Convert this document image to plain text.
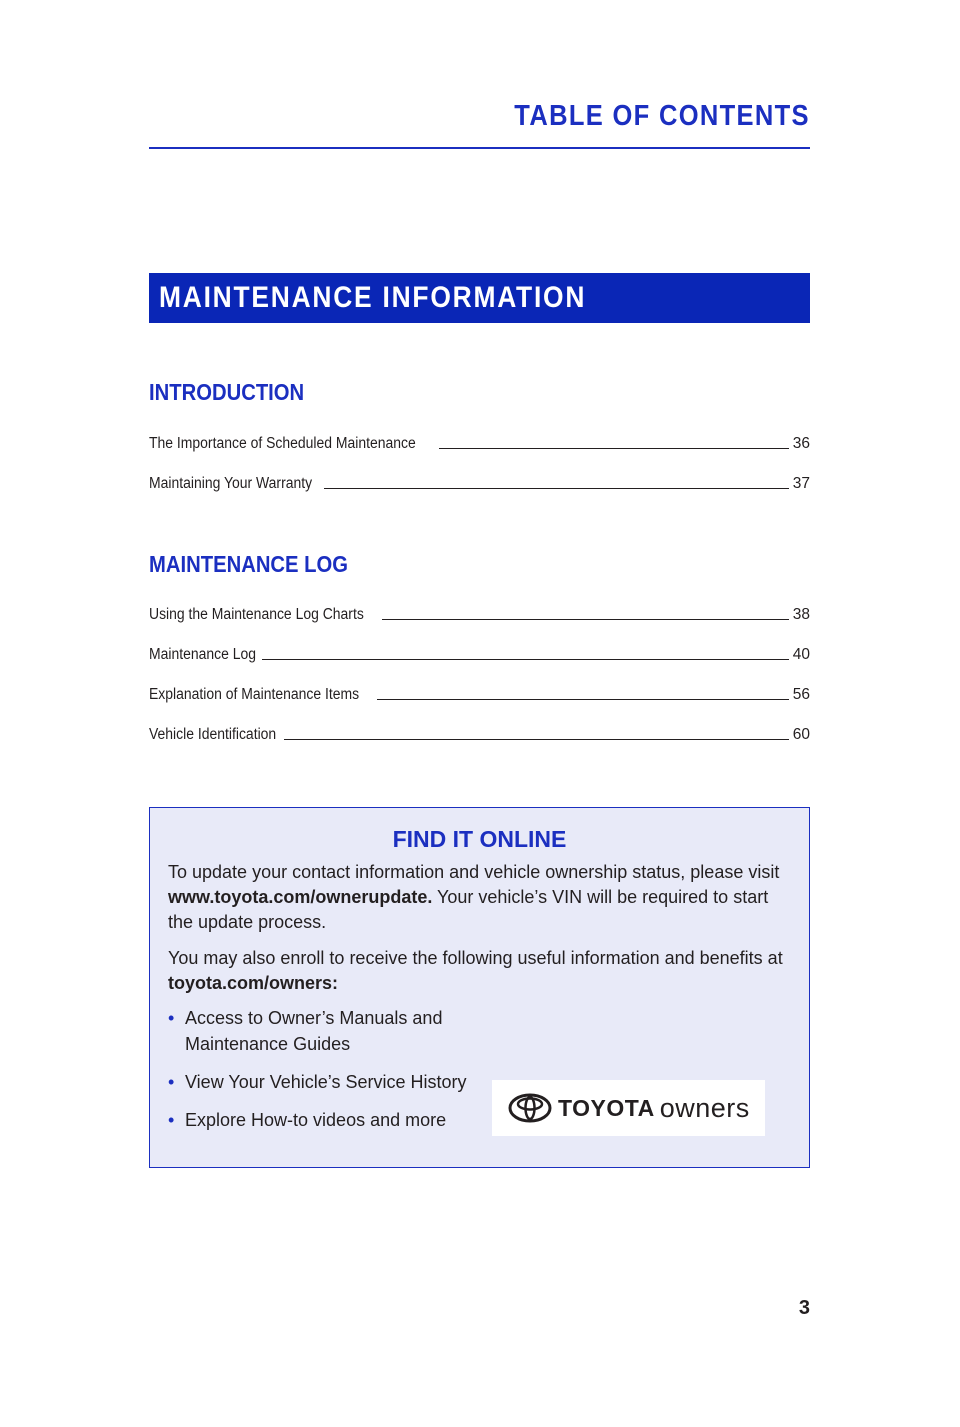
TABLE OF CONTENTS
MAINTENANCE INFORMATION
INTRODUCTION
The Importance of Scheduled Maintenance	36
Maintaining Your Warranty	37
MAINTENANCE LOG
Using the Maintenance Log Charts	38
Maintenance Log	40
Explanation of Maintenance Items	56
Vehicle Identification	60
FIND IT ONLINE

To update your contact information and vehicle ownership status, please visit www.toyota.com/ownerupdate. Your vehicle’s VIN will be required to start the update process.

You may also enroll to receive the following useful information and benefits at toyota.com/owners:

• Access to Owner’s Manuals and Maintenance Guides
• View Your Vehicle’s Service History
• Explore How-to videos and more	TOYOTA owners
3
